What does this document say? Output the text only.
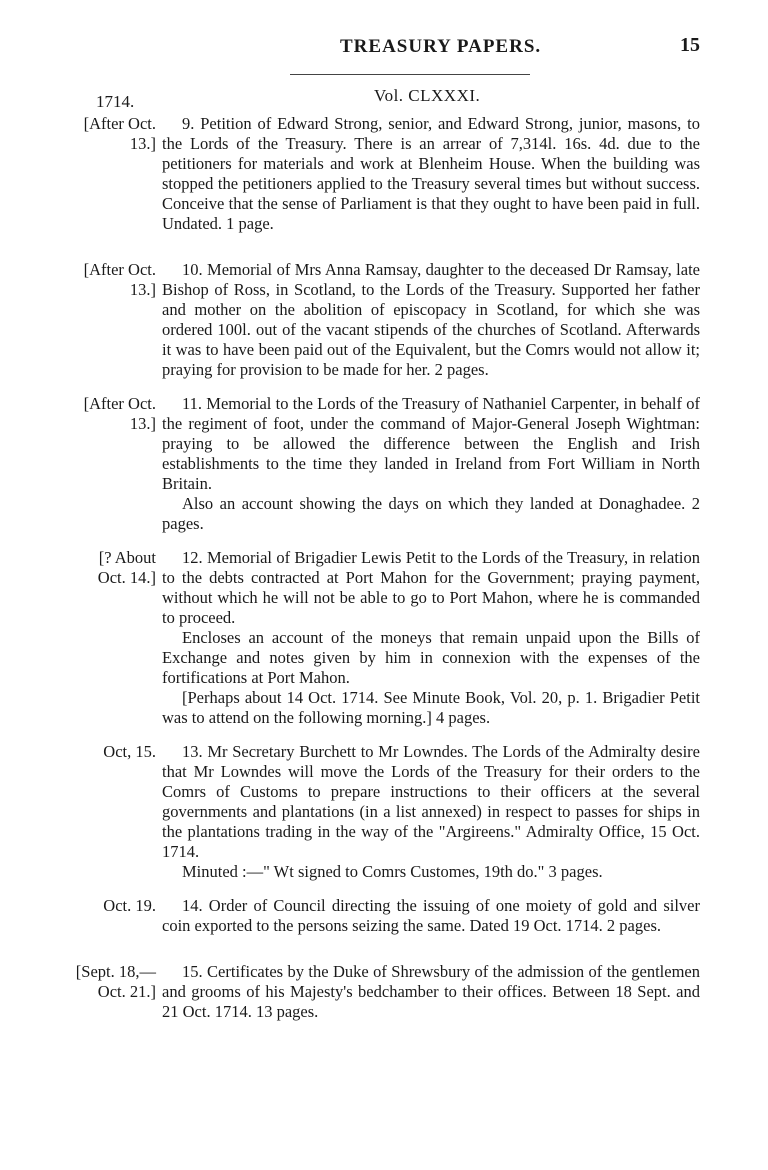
TREASURY PAPERS.	15
1714.	Vol. CLXXXI.
[After Oct.
13.]

9. Petition of Edward Strong, senior, and Edward Strong, junior, masons, to the Lords of the Treasury. There is an arrear of 7,314l. 16s. 4d. due to the petitioners for materials and work at Blenheim House. When the building was stopped the petitioners applied to the Treasury several times but without success. Conceive that the sense of Parliament is that they ought to have been paid in full. Undated. 1 page.

[After Oct.
13.]

10. Memorial of Mrs Anna Ramsay, daughter to the deceased Dr Ramsay, late Bishop of Ross, in Scotland, to the Lords of the Treasury. Supported her father and mother on the abolition of episcopacy in Scotland, for which she was ordered 100l. out of the vacant stipends of the churches of Scotland. Afterwards it was to have been paid out of the Equivalent, but the Comrs would not allow it; praying for provision to be made for her. 2 pages.

[After Oct.
13.]

11. Memorial to the Lords of the Treasury of Nathaniel Carpenter, in behalf of the regiment of foot, under the command of Major-General Joseph Wightman: praying to be allowed the difference between the English and Irish establishments to the time they landed in Ireland from Fort William in North Britain.

Also an account showing the days on which they landed at Donaghadee. 2 pages.

[? About
Oct. 14.]

12. Memorial of Brigadier Lewis Petit to the Lords of the Treasury, in relation to the debts contracted at Port Mahon for the Government; praying payment, without which he will not be able to go to Port Mahon, where he is commanded to proceed.

Encloses an account of the moneys that remain unpaid upon the Bills of Exchange and notes given by him in connexion with the expenses of the fortifications at Port Mahon.

[Perhaps about 14 Oct. 1714. See Minute Book, Vol. 20, p. 1. Brigadier Petit was to attend on the following morning.] 4 pages.

Oct, 15.	13. Mr Secretary Burchett to Mr Lowndes. The Lords of the Admiralty desire that Mr Lowndes will move the Lords of the Treasury for their orders to the Comrs of Customs to prepare instructions to their officers at the several governments and plantations (in a list annexed) in respect to passes for ships in the plantations trading in the way of the "Argireens." Admiralty Office, 15 Oct. 1714.

Minuted :—" Wt signed to Comrs Customes, 19th do." 3 pages.

Oct. 19.	14. Order of Council directing the issuing of one moiety of gold and silver coin exported to the persons seizing the same. Dated 19 Oct. 1714. 2 pages.

[Sept. 18,—
Oct. 21.]

15. Certificates by the Duke of Shrewsbury of the admission of the gentlemen and grooms of his Majesty's bedchamber to their offices. Between 18 Sept. and 21 Oct. 1714. 13 pages.
